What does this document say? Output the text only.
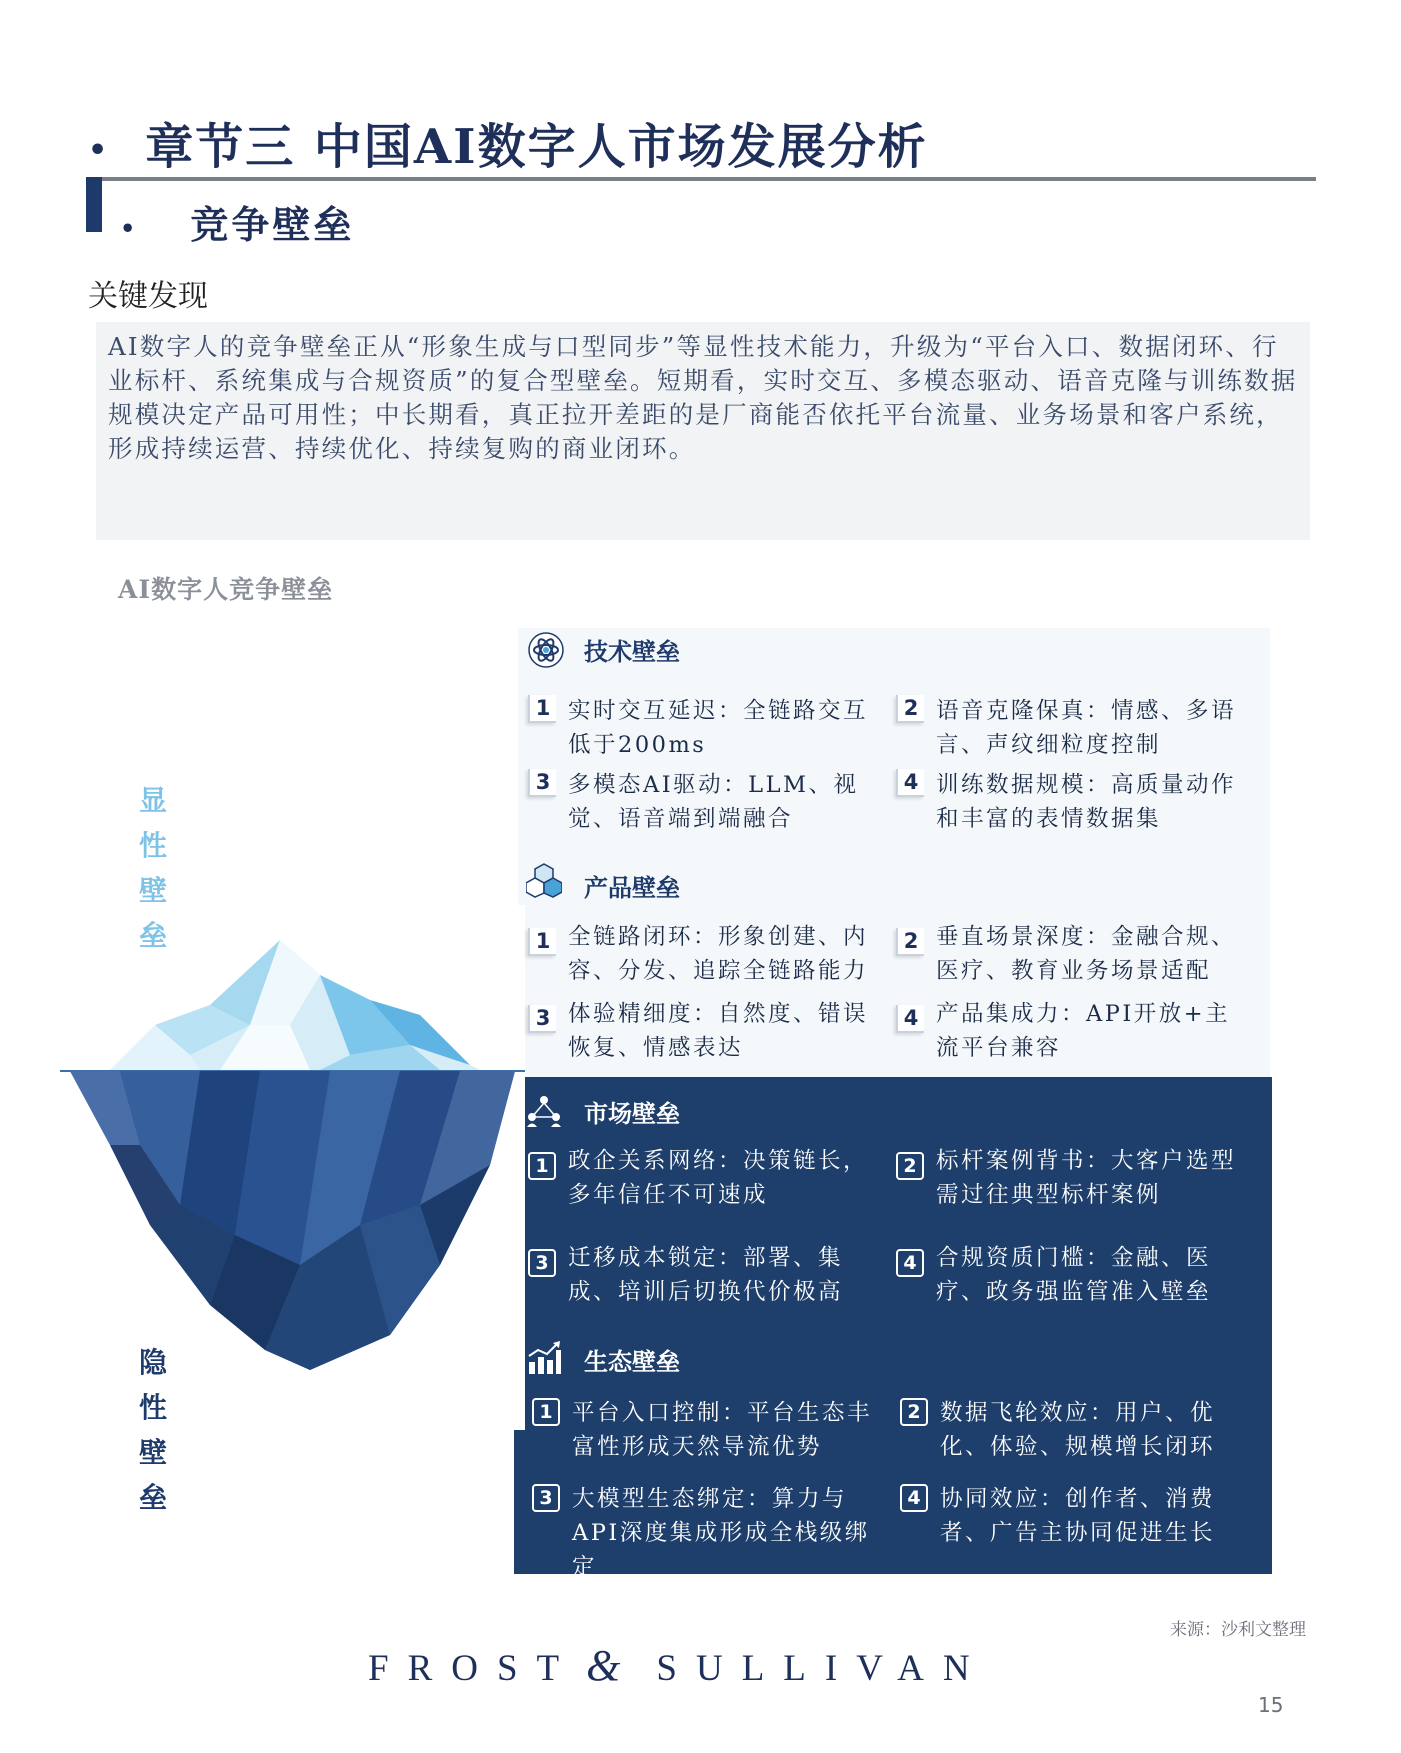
• 章节三 中国AI数字人市场发展分析
• 竞争壁垒
关键发现
AI数字人的竞争壁垒正从“形象生成与口型同步”等显性技术能力，升级为“平台入口、数据闭环、行业标杆、系统集成与合规资质”的复合型壁垒。短期看，实时交互、多模态驱动、语音克隆与训练数据规模决定产品可用性；中长期看，真正拉开差距的是厂商能否依托平台流量、业务场景和客户系统，形成持续运营、持续优化、持续复购的商业闭环。
AI数字人竞争壁垒
显
性
壁
垒
隐
性
壁
垒
技术壁垒
1 实时交互延迟：全链路交互低于200ms
2 语音克隆保真：情感、多语言、声纹细粒度控制
3 多模态AI驱动：LLM、视觉、语音端到端融合
4 训练数据规模：高质量动作和丰富的表情数据集
产品壁垒
1 全链路闭环：形象创建、内容、分发、追踪全链路能力
2 垂直场景深度：金融合规、医疗、教育业务场景适配
3 体验精细度：自然度、错误恢复、情感表达
4 产品集成力：API开放+主流平台兼容
市场壁垒
1 政企关系网络：决策链长，多年信任不可速成
2 标杆案例背书：大客户选型需过往典型标杆案例
3 迁移成本锁定：部署、集成、培训后切换代价极高
4 合规资质门槛：金融、医疗、政务强监管准入壁垒
生态壁垒
1 平台入口控制：平台生态丰富性形成天然导流优势
2 数据飞轮效应：用户、优化、体验、规模增长闭环
3 大模型生态绑定：算力与API深度集成形成全栈级绑定
4 协同效应：创作者、消费者、广告主协同促进生长
来源：沙利文整理
FROST & SULLIVAN
15
